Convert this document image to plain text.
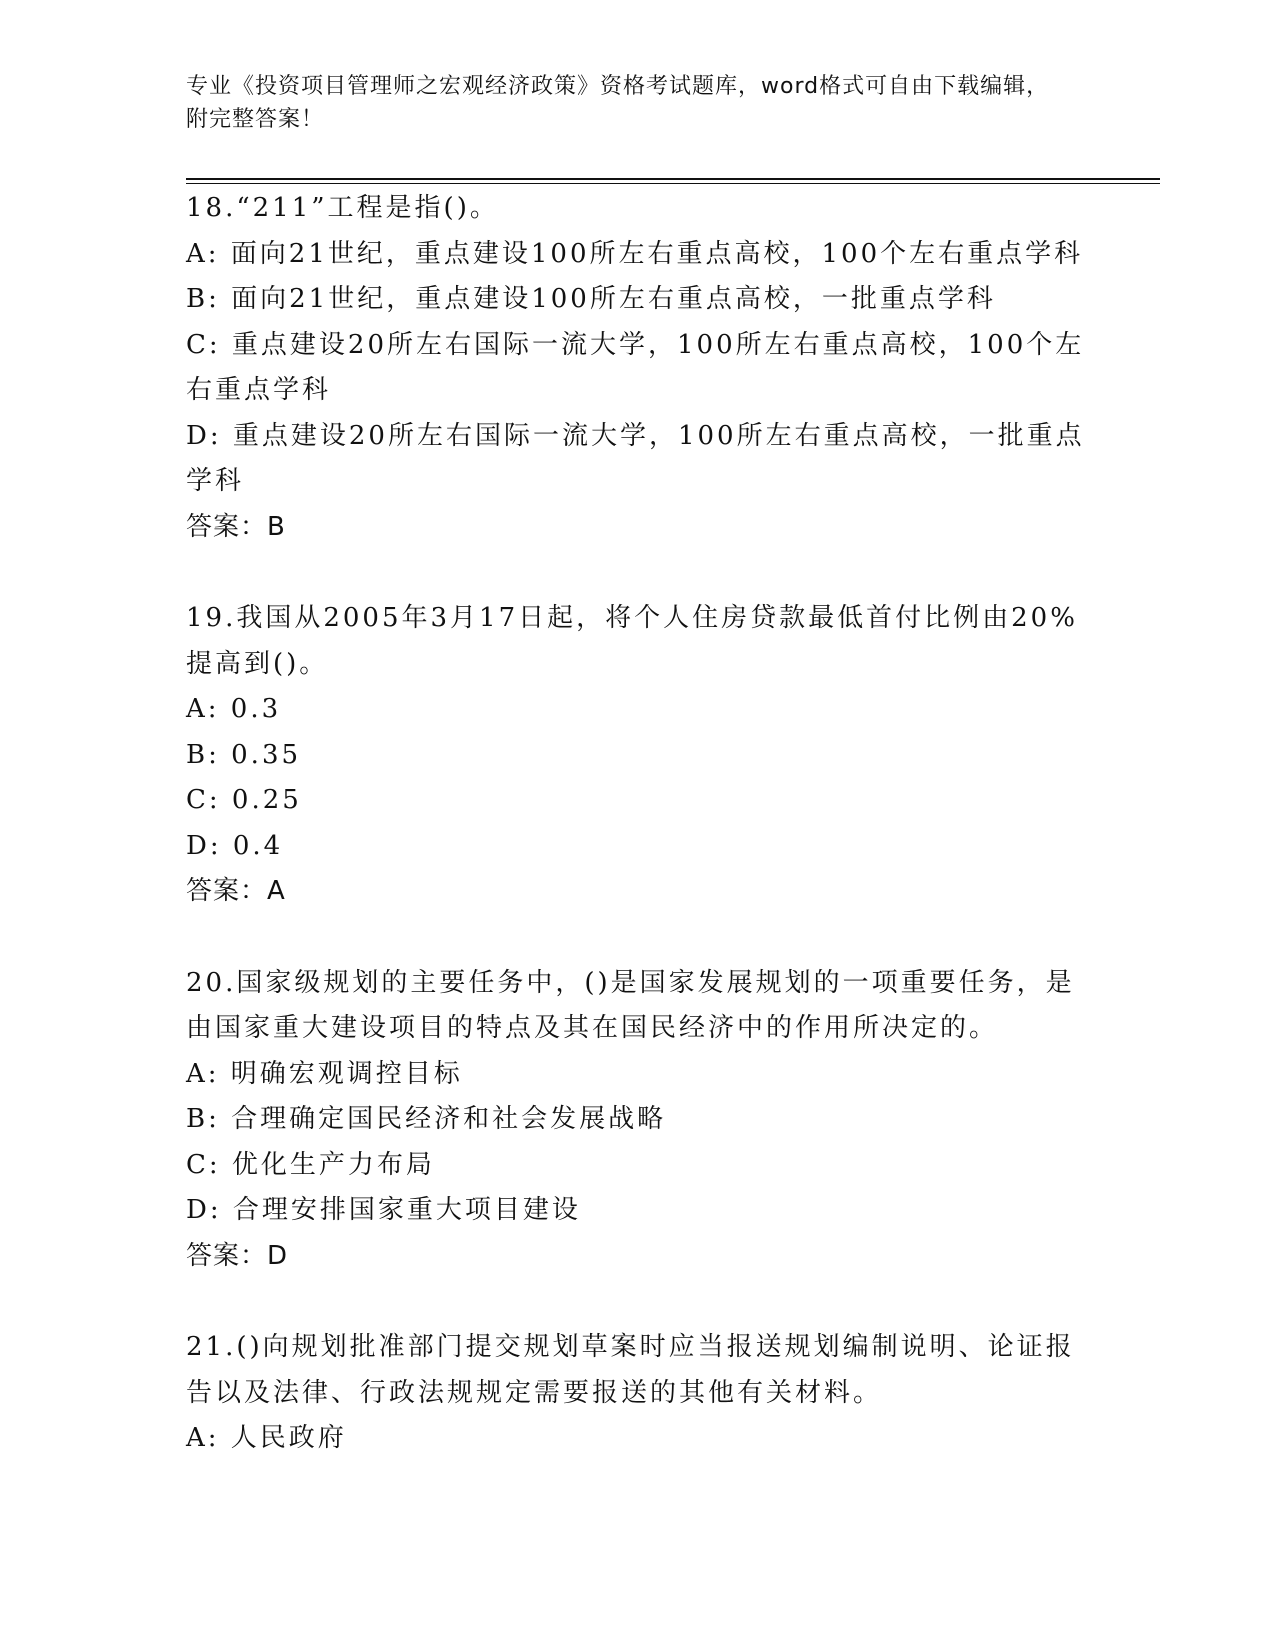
专业《投资项目管理师之宏观经济政策》资格考试题库，word格式可自由下载编辑，附完整答案！
18.“211”工程是指()。
A: 面向21世纪，重点建设100所左右重点高校，100个左右重点学科
B: 面向21世纪，重点建设100所左右重点高校，一批重点学科
C: 重点建设20所左右国际一流大学，100所左右重点高校，100个左右重点学科
D: 重点建设20所左右国际一流大学，100所左右重点高校，一批重点学科
答案：B
19.我国从2005年3月17日起，将个人住房贷款最低首付比例由20%提高到()。
A: 0.3
B: 0.35
C: 0.25
D: 0.4
答案：A
20.国家级规划的主要任务中，()是国家发展规划的一项重要任务，是由国家重大建设项目的特点及其在国民经济中的作用所决定的。
A: 明确宏观调控目标
B: 合理确定国民经济和社会发展战略
C: 优化生产力布局
D: 合理安排国家重大项目建设
答案：D
21.()向规划批准部门提交规划草案时应当报送规划编制说明、论证报告以及法律、行政法规规定需要报送的其他有关材料。
A: 人民政府
